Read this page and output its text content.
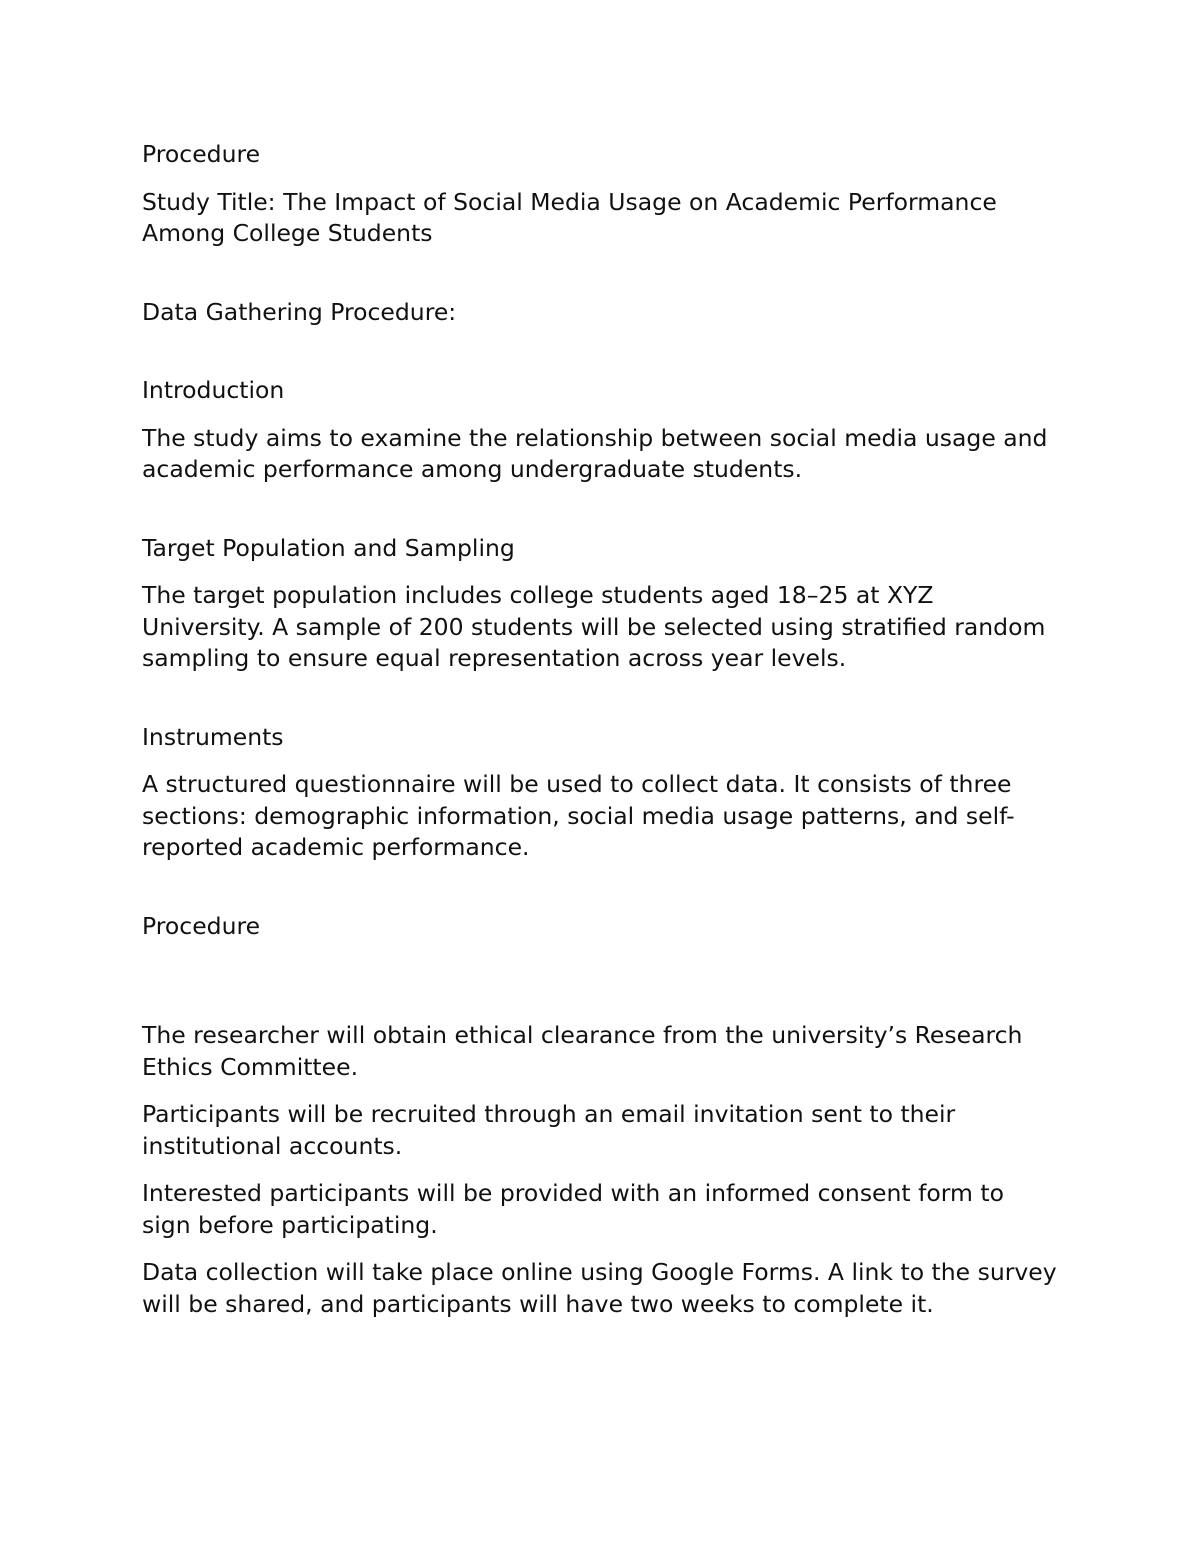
Procedure

Study Title: The Impact of Social Media Usage on Academic Performance
Among College Students

Data Gathering Procedure:

Introduction

The study aims to examine the relationship between social media usage and
academic performance among undergraduate students.

Target Population and Sampling

The target population includes college students aged 18–25 at XYZ
University. A sample of 200 students will be selected using stratified random
sampling to ensure equal representation across year levels.

Instruments

A structured questionnaire will be used to collect data. It consists of three
sections: demographic information, social media usage patterns, and self-
reported academic performance.

Procedure

The researcher will obtain ethical clearance from the university’s Research
Ethics Committee.

Participants will be recruited through an email invitation sent to their
institutional accounts.

Interested participants will be provided with an informed consent form to
sign before participating.

Data collection will take place online using Google Forms. A link to the survey
will be shared, and participants will have two weeks to complete it.
